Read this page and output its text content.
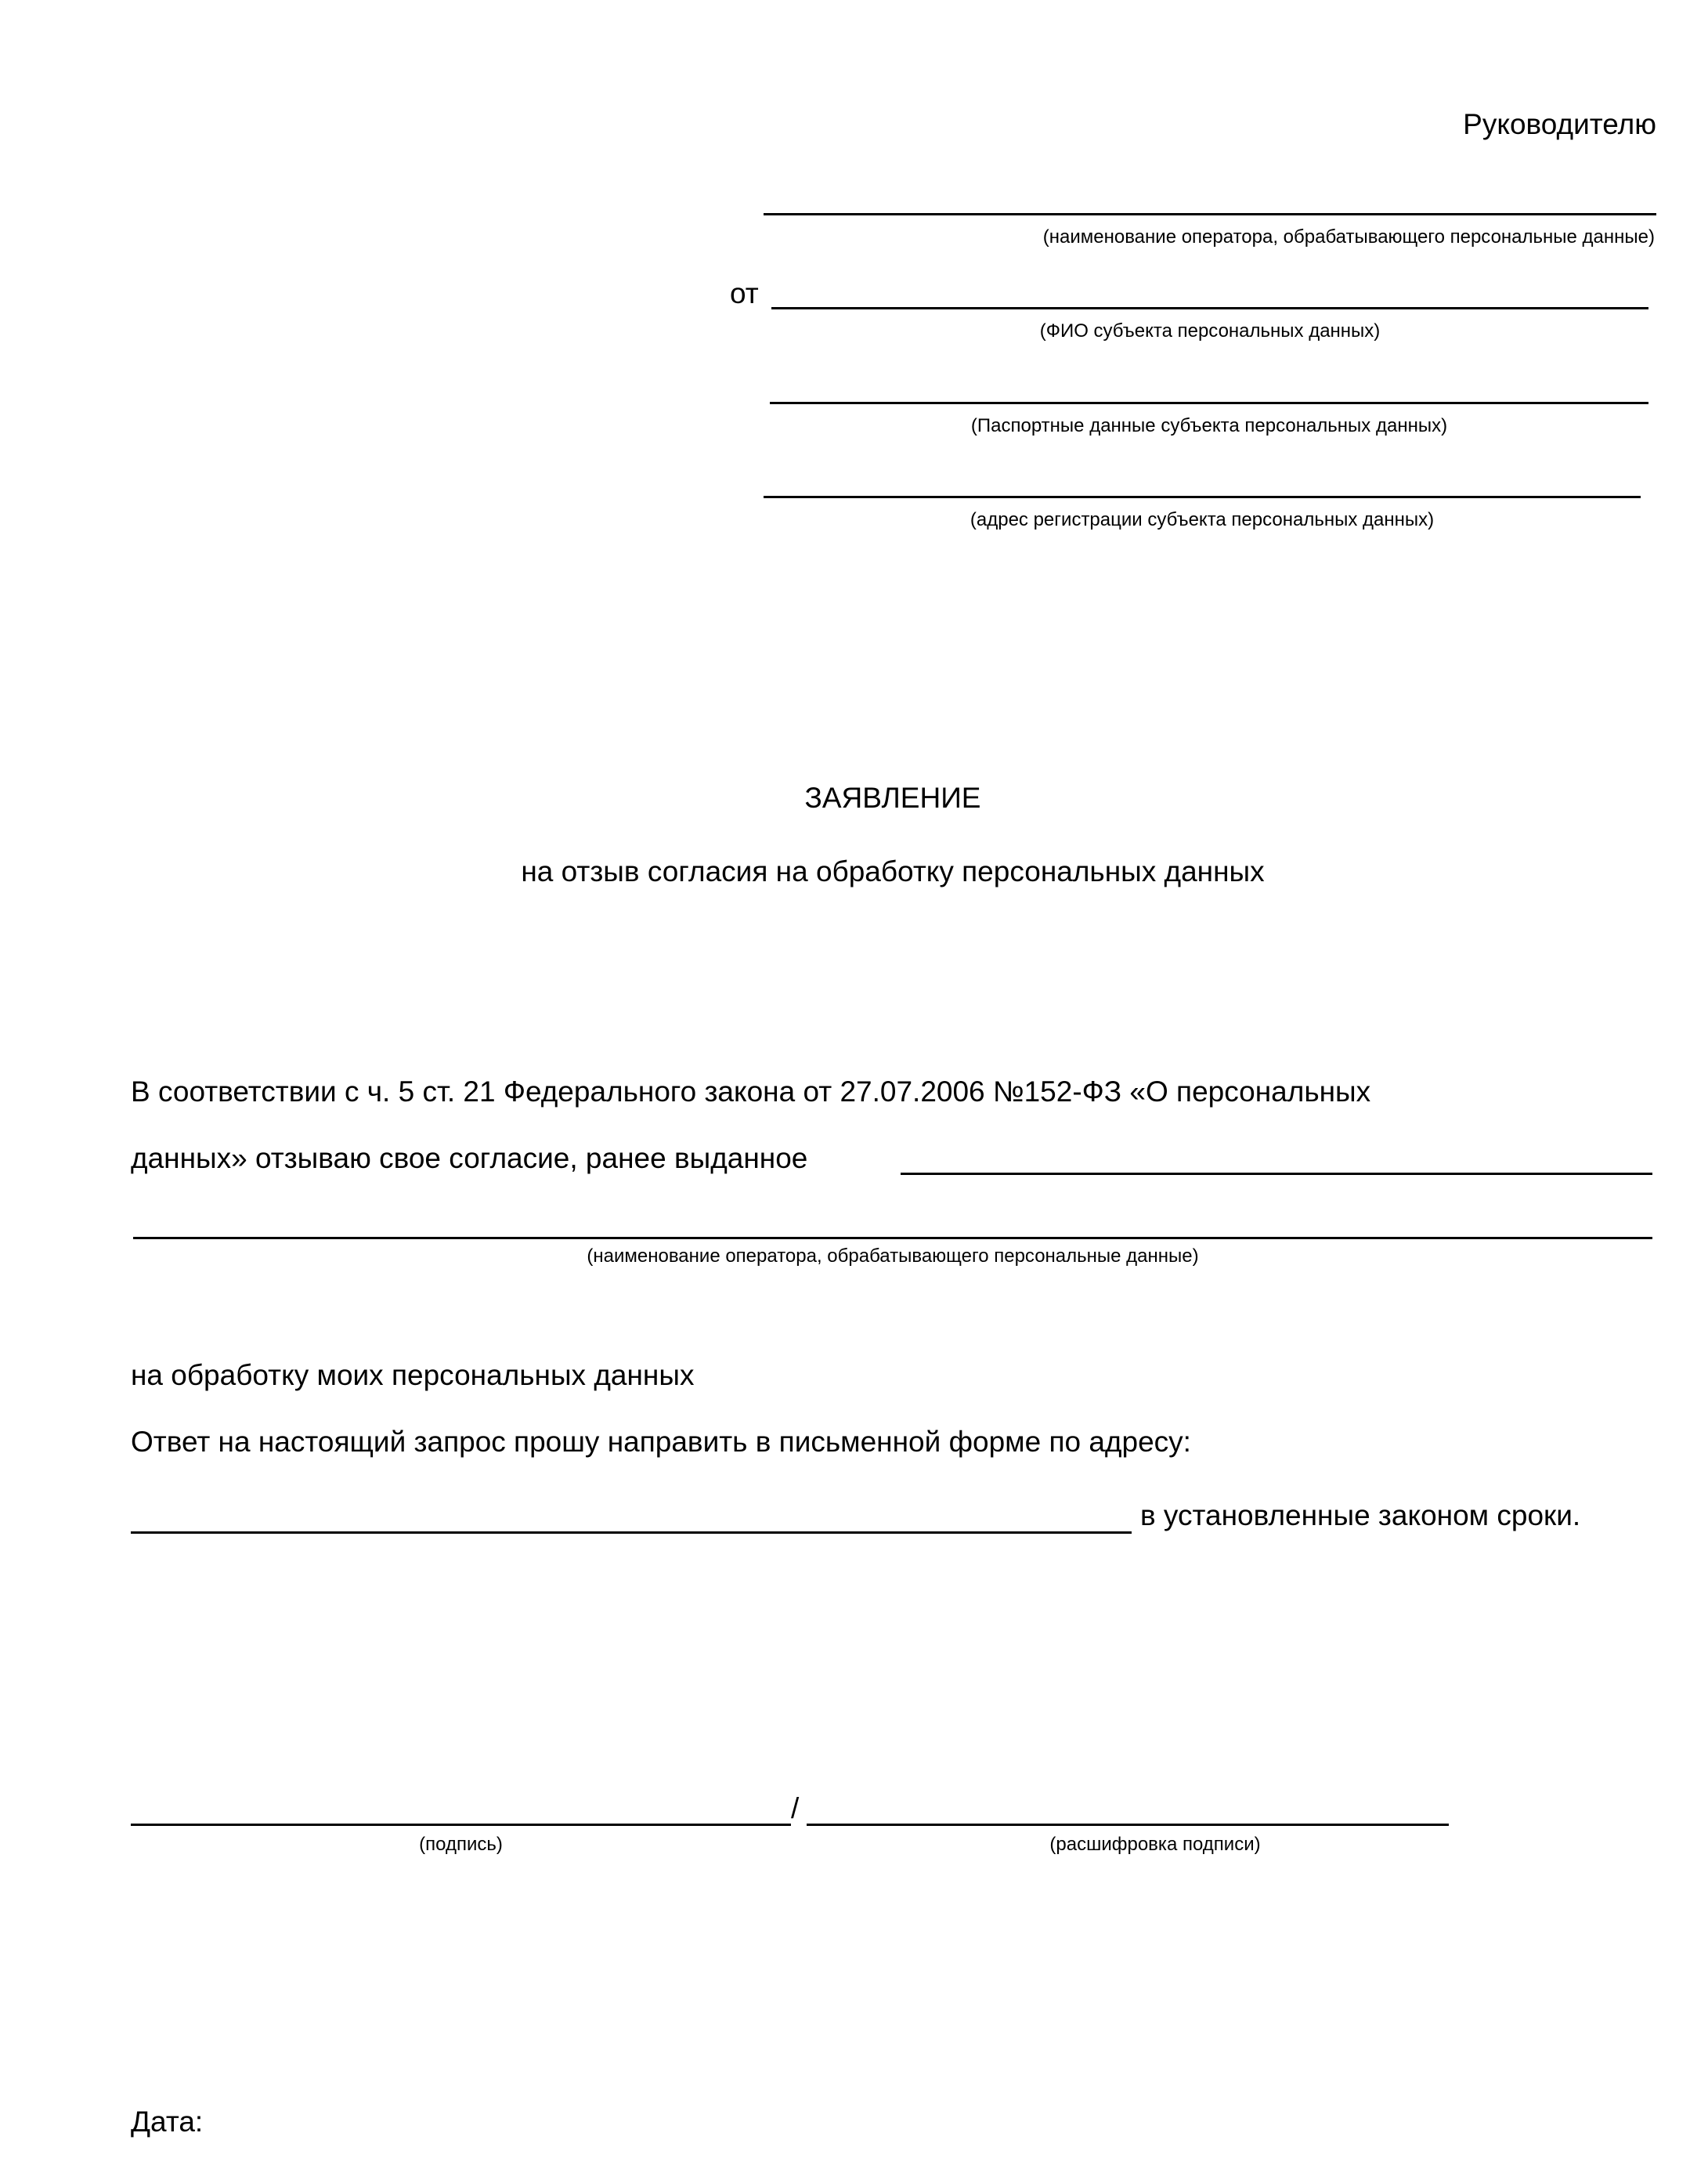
Руководителю
(наименование оператора, обрабатывающего персональные данные)
от
(ФИО субъекта персональных данных)
(Паспортные данные субъекта персональных данных)
(адрес регистрации субъекта персональных данных)
ЗАЯВЛЕНИЕ
на отзыв согласия на обработку персональных данных
В соответствии с ч. 5 ст. 21 Федерального закона от 27.07.2006 №152-ФЗ «О персональных
данных» отзываю свое согласие, ранее выданное
(наименование оператора, обрабатывающего персональные данные)
на обработку моих персональных данных
Ответ на настоящий запрос прошу направить в письменной форме по адресу:
в установленные законом сроки.
/
(подпись)	(расшифровка подписи)
Дата:
